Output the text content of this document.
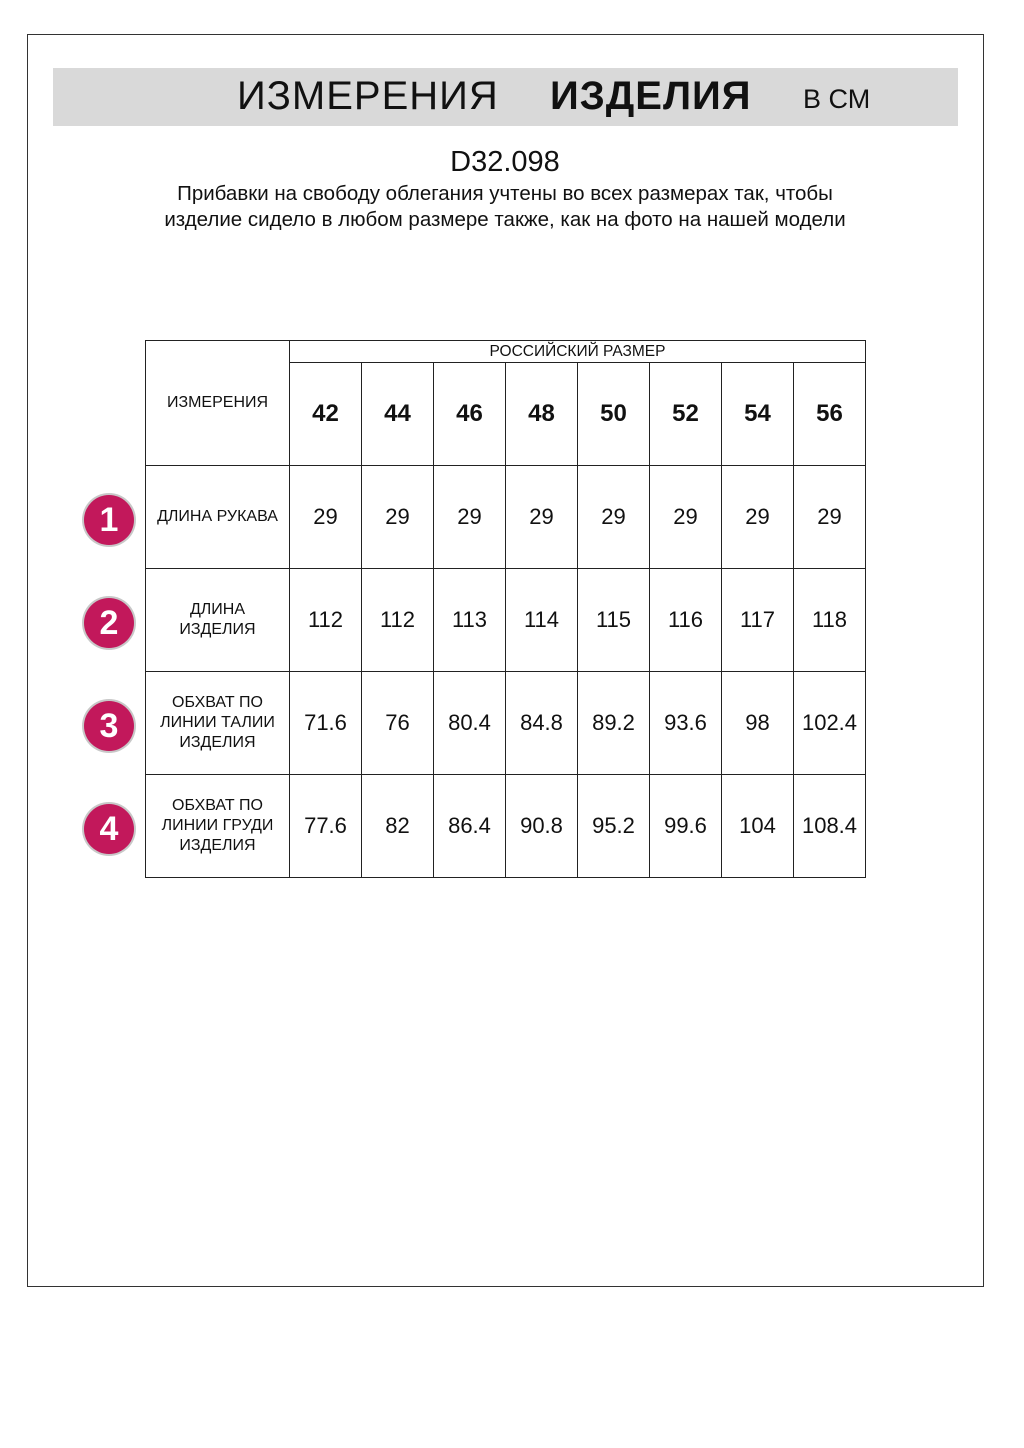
ИЗМЕРЕНИЯ ИЗДЕЛИЯ В СМ
D32.098
Прибавки на свободу облегания учтены во всех размерах так, чтобы изделие сидело в любом размере также, как на фото на нашей модели
ИЗМЕРЕНИЯ	РОССИЙСКИЙ РАЗМЕР							
	42	44	46	48	50	52	54	56
ДЛИНА РУКАВА	29	29	29	29	29	29	29	29
ДЛИНА ИЗДЕЛИЯ	112	112	113	114	115	116	117	118
ОБХВАТ ПО ЛИНИИ ТАЛИИ ИЗДЕЛИЯ	71.6	76	80.4	84.8	89.2	93.6	98	102.4
ОБХВАТ ПО ЛИНИИ ГРУДИ ИЗДЕЛИЯ	77.6	82	86.4	90.8	95.2	99.6	104	108.4
1
2
3
4
